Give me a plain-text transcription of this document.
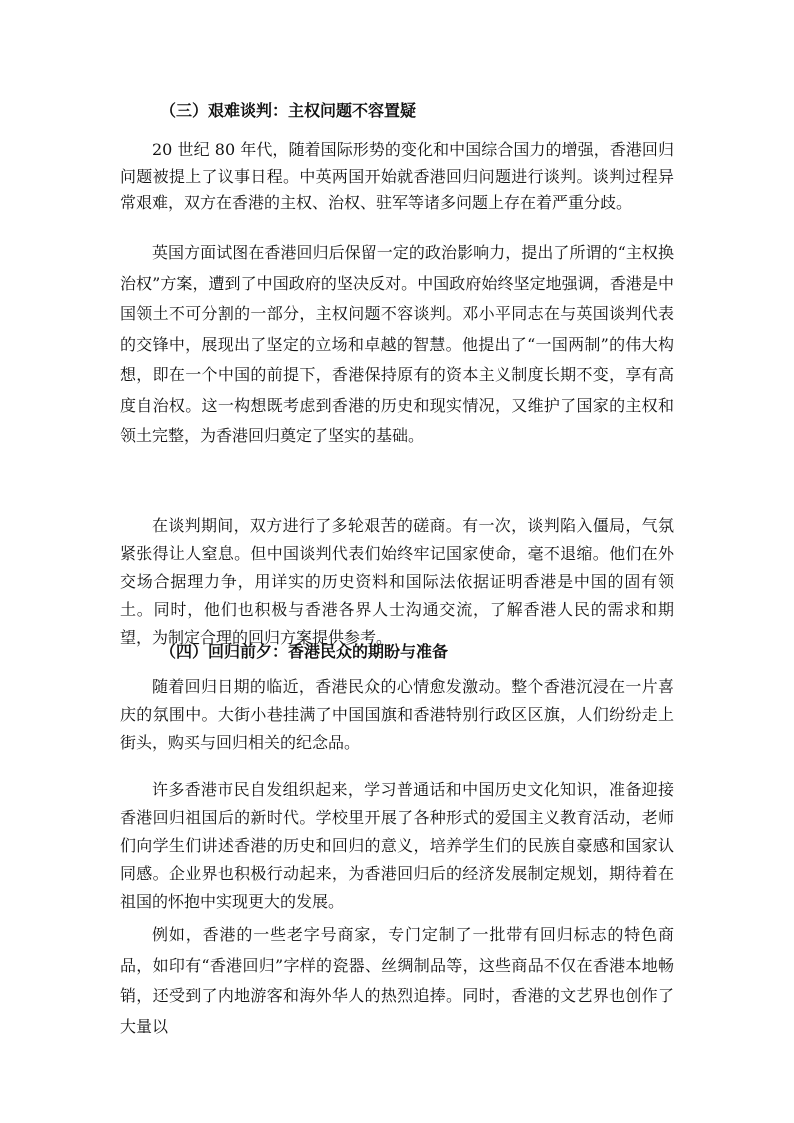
（三）艰难谈判：主权问题不容置疑

20 世纪 80 年代，随着国际形势的变化和中国综合国力的增强，香港回归问题被提上了议事日程。中英两国开始就香港回归问题进行谈判。谈判过程异常艰难，双方在香港的主权、治权、驻军等诸多问题上存在着严重分歧。

英国方面试图在香港回归后保留一定的政治影响力，提出了所谓的“主权换治权”方案，遭到了中国政府的坚决反对。中国政府始终坚定地强调，香港是中国领土不可分割的一部分，主权问题不容谈判。邓小平同志在与英国谈判代表的交锋中，展现出了坚定的立场和卓越的智慧。他提出了“一国两制”的伟大构想，即在一个中国的前提下，香港保持原有的资本主义制度长期不变，享有高度自治权。这一构想既考虑到香港的历史和现实情况，又维护了国家的主权和领土完整，为香港回归奠定了坚实的基础。

在谈判期间，双方进行了多轮艰苦的磋商。有一次，谈判陷入僵局，气氛紧张得让人窒息。但中国谈判代表们始终牢记国家使命，毫不退缩。他们在外交场合据理力争，用详实的历史资料和国际法依据证明香港是中国的固有领土。同时，他们也积极与香港各界人士沟通交流，了解香港人民的需求和期望，为制定合理的回归方案提供参考。

（四）回归前夕：香港民众的期盼与准备

随着回归日期的临近，香港民众的心情愈发激动。整个香港沉浸在一片喜庆的氛围中。大街小巷挂满了中国国旗和香港特别行政区区旗，人们纷纷走上街头，购买与回归相关的纪念品。

许多香港市民自发组织起来，学习普通话和中国历史文化知识，准备迎接香港回归祖国后的新时代。学校里开展了各种形式的爱国主义教育活动，老师们向学生们讲述香港的历史和回归的意义，培养学生们的民族自豪感和国家认同感。企业界也积极行动起来，为香港回归后的经济发展制定规划，期待着在祖国的怀抱中实现更大的发展。

例如，香港的一些老字号商家，专门定制了一批带有回归标志的特色商品，如印有“香港回归”字样的瓷器、丝绸制品等，这些商品不仅在香港本地畅销，还受到了内地游客和海外华人的热烈追捧。同时，香港的文艺界也创作了大量以
